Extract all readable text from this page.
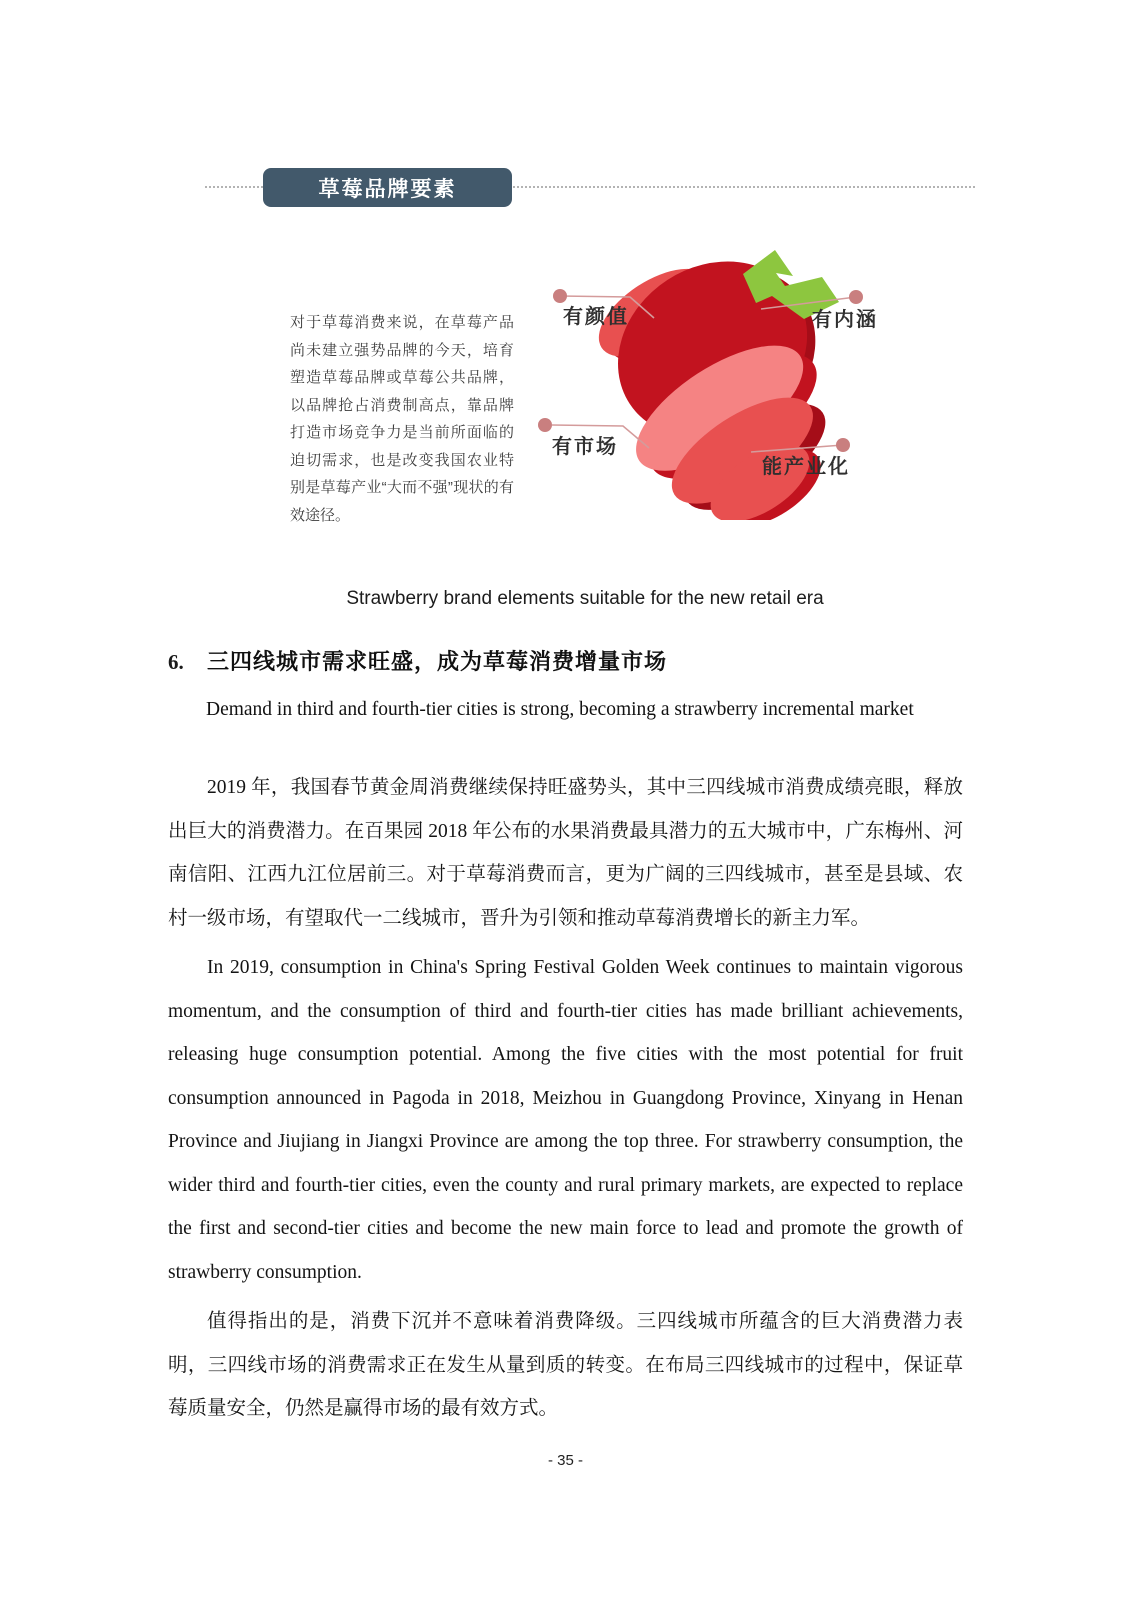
草莓品牌要素
对于草莓消费来说，在草莓产品尚未建立强势品牌的今天，培育塑造草莓品牌或草莓公共品牌，以品牌抢占消费制高点，靠品牌打造市场竞争力是当前所面临的迫切需求，也是改变我国农业特别是草莓产业“大而不强”现状的有效途径。
有颜值	有内涵
有市场
能产业化
Strawberry brand elements suitable for the new retail era
6.	三四线城市需求旺盛，成为草莓消费增量市场
Demand in third and fourth-tier cities is strong, becoming a strawberry incremental market

2019 年，我国春节黄金周消费继续保持旺盛势头，其中三四线城市消费成绩亮眼，释放出巨大的消费潜力。在百果园 2018 年公布的水果消费最具潜力的五大城市中，广东梅州、河南信阳、江西九江位居前三。对于草莓消费而言，更为广阔的三四线城市，甚至是县域、农村一级市场，有望取代一二线城市，晋升为引领和推动草莓消费增长的新主力军。

In 2019, consumption in China's Spring Festival Golden Week continues to maintain vigorous momentum, and the consumption of third and fourth-tier cities has made brilliant achievements, releasing huge consumption potential. Among the five cities with the most potential for fruit consumption announced in Pagoda in 2018, Meizhou in Guangdong Province, Xinyang in Henan Province and Jiujiang in Jiangxi Province are among the top three. For strawberry consumption, the wider third and fourth-tier cities, even the county and rural primary markets, are expected to replace the first and second-tier cities and become the new main force to lead and promote the growth of strawberry consumption.

值得指出的是，消费下沉并不意味着消费降级。三四线城市所蕴含的巨大消费潜力表明，三四线市场的消费需求正在发生从量到质的转变。在布局三四线城市的过程中，保证草莓质量安全，仍然是赢得市场的最有效方式。

- 35 -
